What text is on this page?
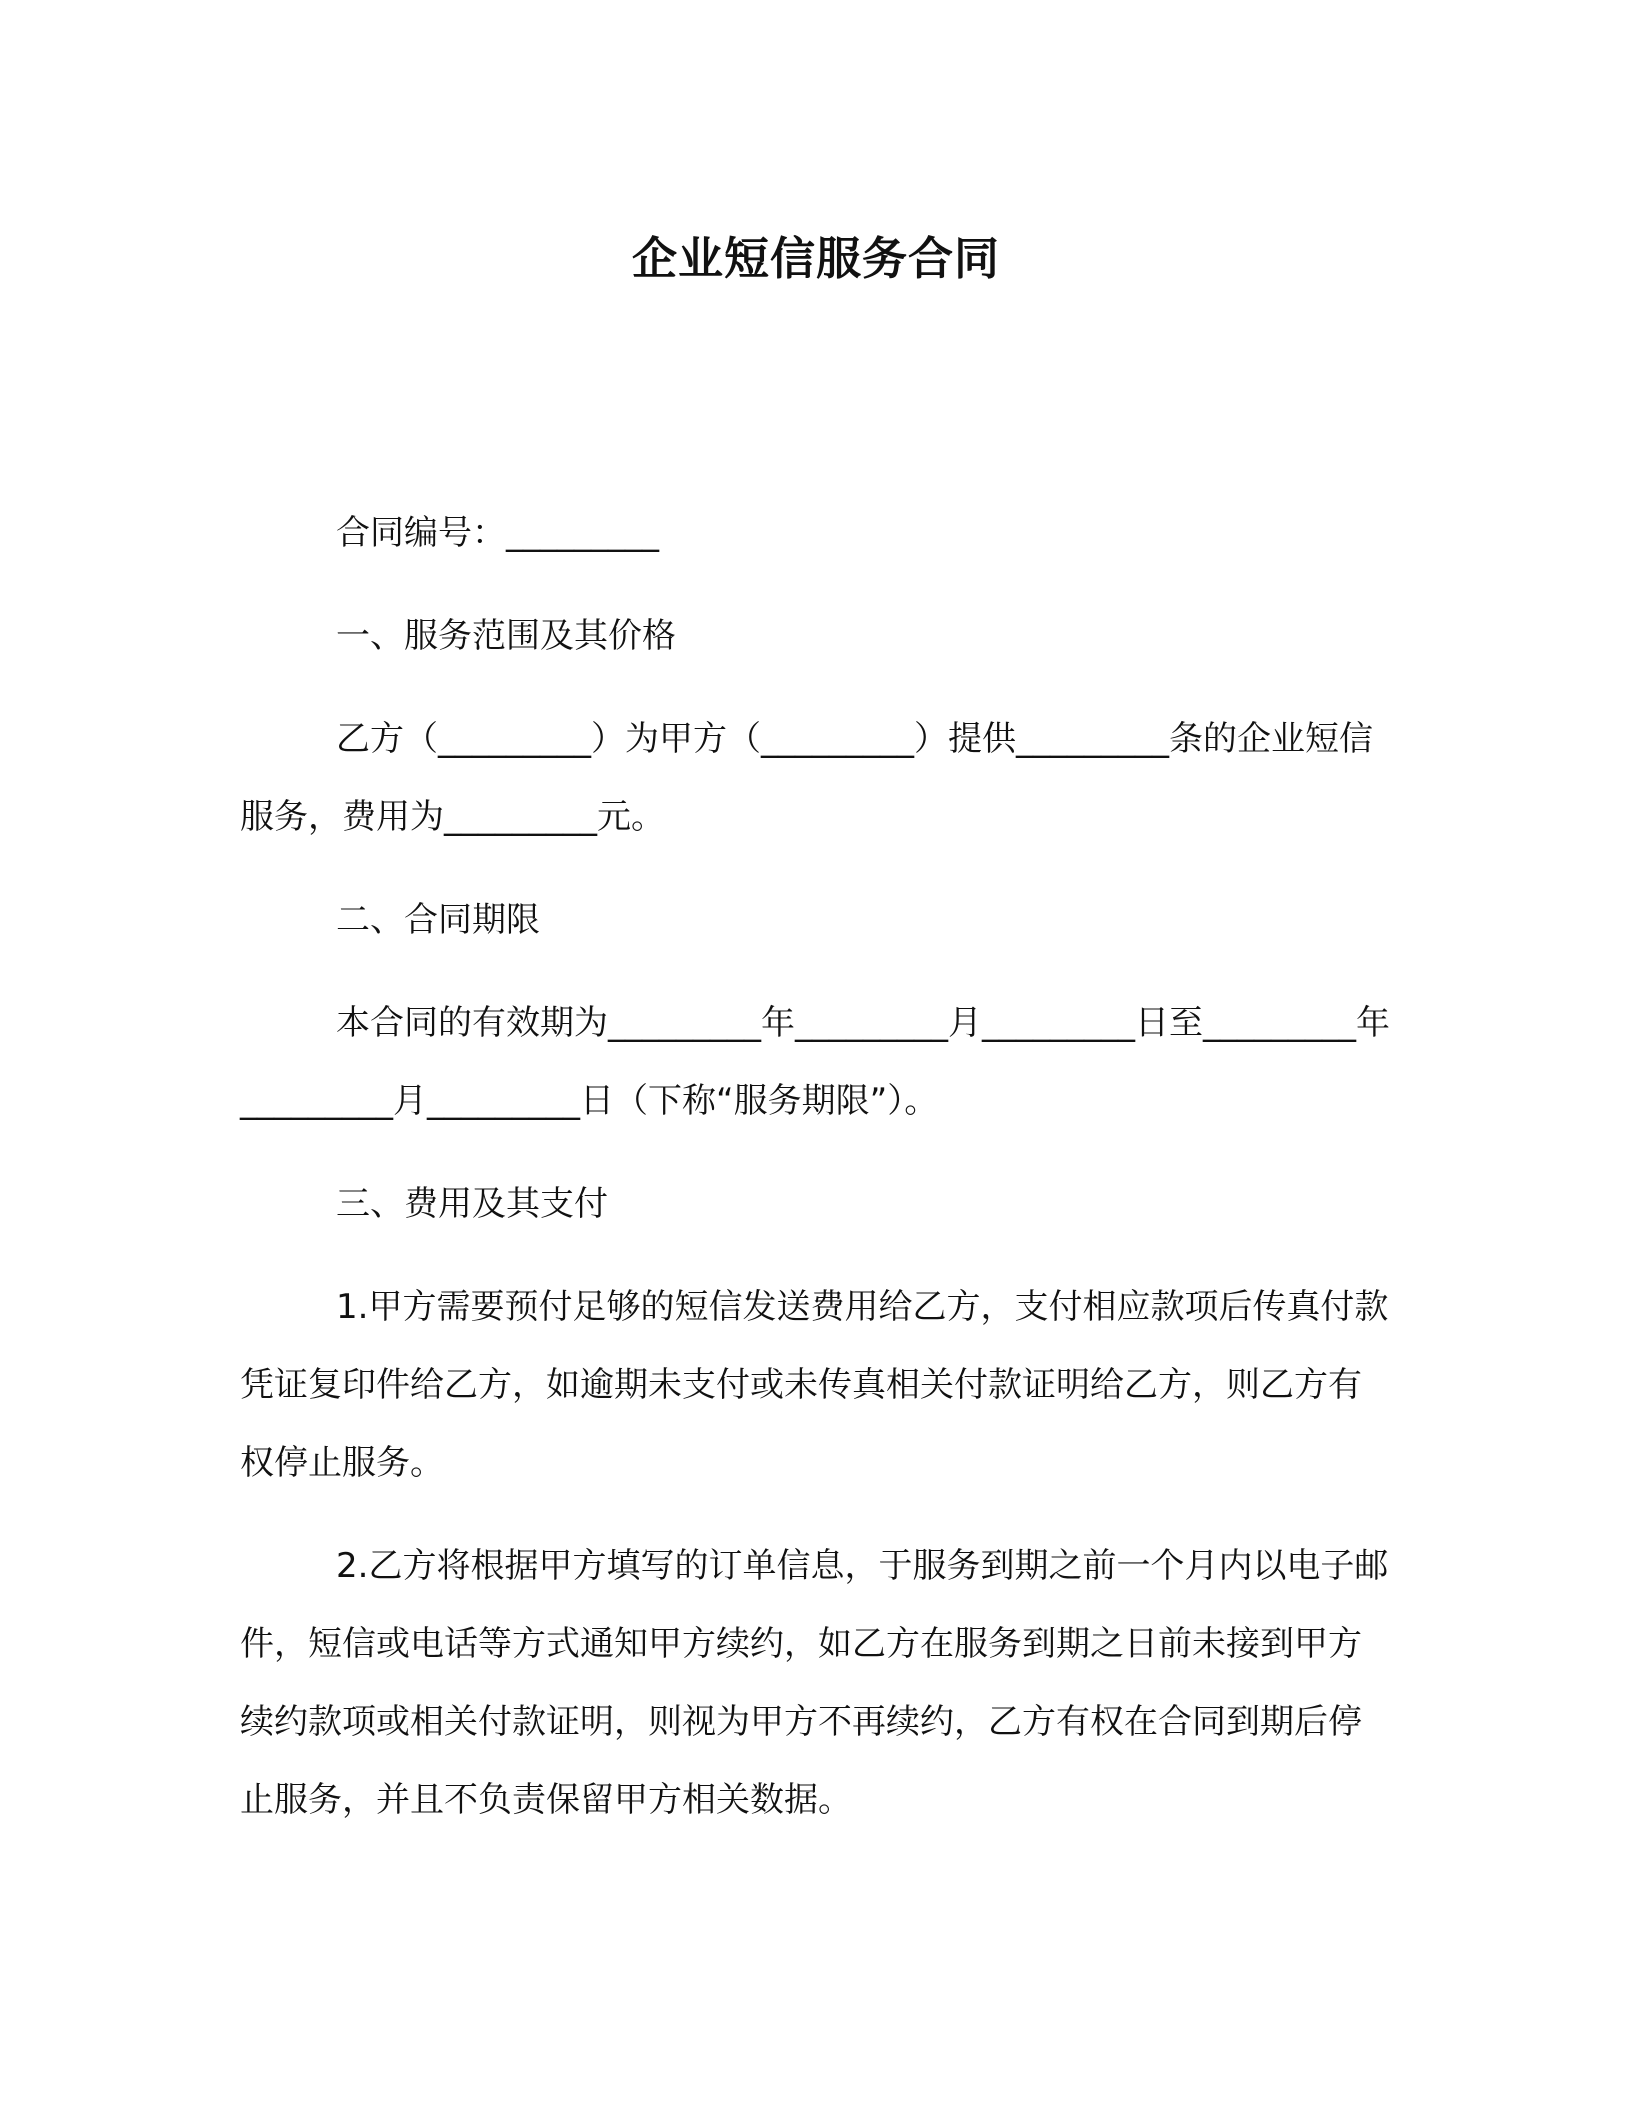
企业短信服务合同

合同编号：_________

一、服务范围及其价格

乙方（_________）为甲方（_________）提供_________条的企业短信服务，费用为_________元。

二、合同期限

本合同的有效期为_________年_________月_________日至_________年_________月_________日（下称“服务期限”）。

三、费用及其支付

1.甲方需要预付足够的短信发送费用给乙方，支付相应款项后传真付款凭证复印件给乙方，如逾期未支付或未传真相关付款证明给乙方，则乙方有权停止服务。

2.乙方将根据甲方填写的订单信息，于服务到期之前一个月内以电子邮件，短信或电话等方式通知甲方续约，如乙方在服务到期之日前未接到甲方续约款项或相关付款证明，则视为甲方不再续约，乙方有权在合同到期后停止服务，并且不负责保留甲方相关数据。
